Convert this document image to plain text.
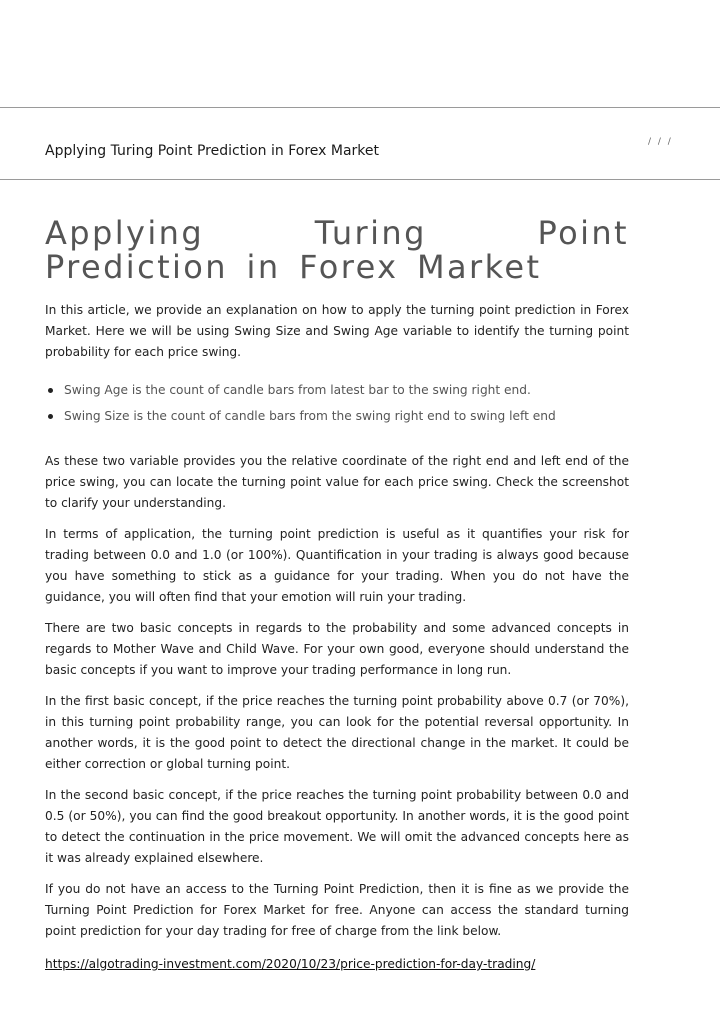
Applying Turing Point Prediction in Forex Market
/ / /
Applying Turing Point Prediction in Forex Market

In this article, we provide an explanation on how to apply the turning point prediction in Forex Market. Here we will be using Swing Size and Swing Age variable to identify the turning point probability for each price swing.

Swing Age is the count of candle bars from latest bar to the swing right end.
Swing Size is the count of candle bars from the swing right end to swing left end

As these two variable provides you the relative coordinate of the right end and left end of the price swing, you can locate the turning point value for each price swing. Check the screenshot to clarify your understanding.

In terms of application, the turning point prediction is useful as it quantifies your risk for trading between 0.0 and 1.0 (or 100%). Quantification in your trading is always good because you have something to stick as a guidance for your trading. When you do not have the guidance, you will often find that your emotion will ruin your trading.

There are two basic concepts in regards to the probability and some advanced concepts in regards to Mother Wave and Child Wave. For your own good, everyone should understand the basic concepts if you want to improve your trading performance in long run.

In the first basic concept, if the price reaches the turning point probability above 0.7 (or 70%), in this turning point probability range, you can look for the potential reversal opportunity. In another words, it is the good point to detect the directional change in the market. It could be either correction or global turning point.

In the second basic concept, if the price reaches the turning point probability between 0.0 and 0.5 (or 50%), you can find the good breakout opportunity. In another words, it is the good point to detect the continuation in the price movement. We will omit the advanced concepts here as it was already explained elsewhere.

If you do not have an access to the Turning Point Prediction, then it is fine as we provide the Turning Point Prediction for Forex Market for free. Anyone can access the standard turning point prediction for your day trading for free of charge from the link below.

https://algotrading-investment.com/2020/10/23/price-prediction-for-day-trading/
